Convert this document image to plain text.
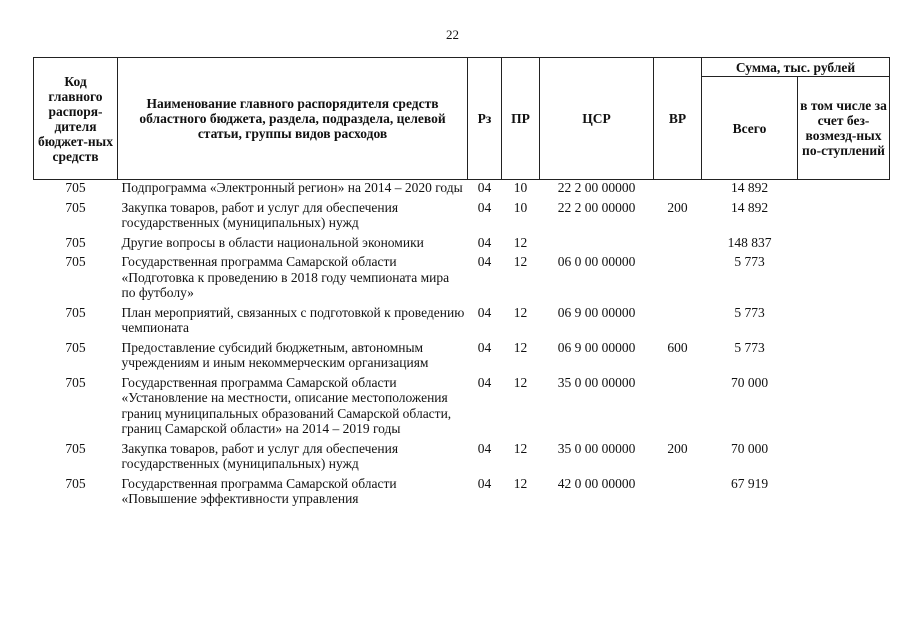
22
Код главного распоря-дителя бюджет-ных средств	Наименование главного распорядителя средств областного бюджета, раздела, подраздела, целевой статьи, группы видов расходов	Рз	ПР	ЦСР	ВР	Сумма, тыс. рублей	
						Всего	в том числе за счет без-возмезд-ных по-ступлений
705	Подпрограмма «Электронный регион» на 2014 – 2020 годы	04	10	22 2 00 00000		14 892	
705	Закупка товаров, работ и услуг для обеспечения государственных (муниципальных) нужд	04	10	22 2 00 00000	200	14 892	
705	Другие вопросы в области национальной экономики	04	12			148 837	
705	Государственная программа Самарской области «Подготовка к проведению в 2018 году чемпионата мира по футболу»	04	12	06 0 00 00000		5 773	
705	План мероприятий, связанных с подготовкой к проведению чемпионата	04	12	06 9 00 00000		5 773	
705	Предоставление субсидий бюджетным, автономным учреждениям и иным некоммерческим организациям	04	12	06 9 00 00000	600	5 773	
705	Государственная программа Самарской области «Установление на местности, описание местоположения границ муниципальных образований Самарской области, границ Самарской области» на 2014 – 2019 годы	04	12	35 0 00 00000		70 000	
705	Закупка товаров, работ и услуг для обеспечения государственных (муниципальных) нужд	04	12	35 0 00 00000	200	70 000	
705	Государственная программа Самарской области «Повышение эффективности управления	04	12	42 0 00 00000		67 919	
